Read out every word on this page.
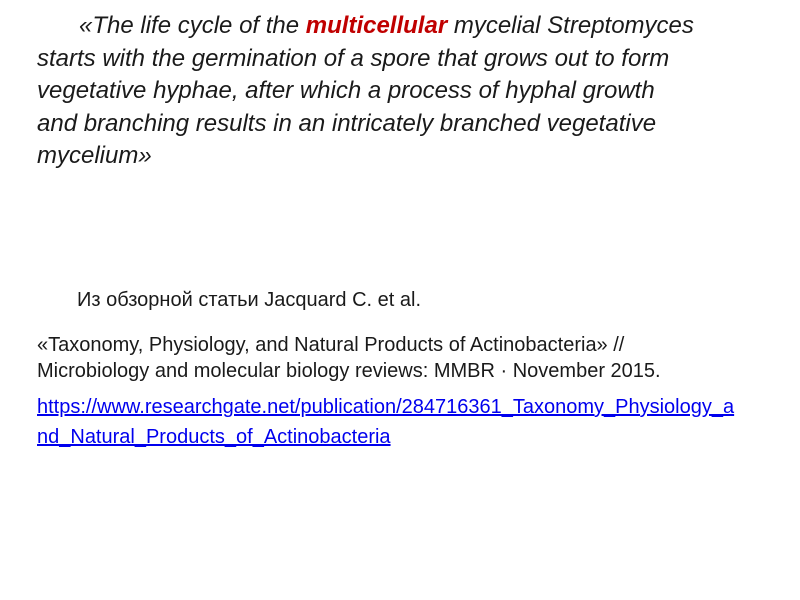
«The life cycle of the multicellular mycelial Streptomyces starts with the germination of a spore that grows out to form vegetative hyphae, after which a process of hyphal growth and branching results in an intricately branched vegetative mycelium»

Из обзорной статьи Jacquard C. et al.

«Taxonomy, Physiology, and Natural Products of Actinobacteria» // Microbiology and molecular biology reviews: MMBR · November 2015.

https://www.researchgate.net/publication/284716361_Taxonomy_Physiology_and_Natural_Products_of_Actinobacteria
